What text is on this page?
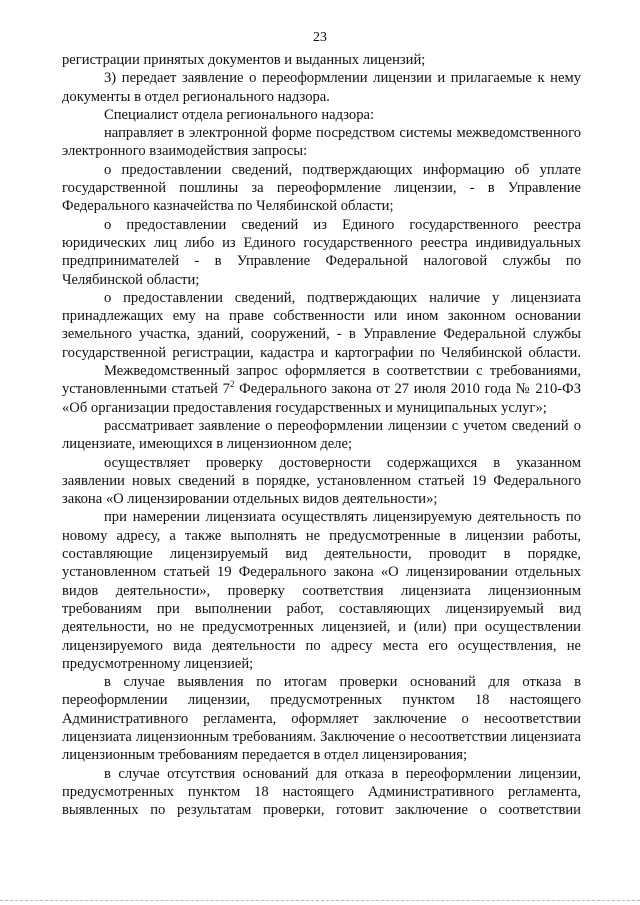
23

регистрации принятых документов и выданных лицензий;

3) передает заявление о переоформлении лицензии и прилагаемые к нему документы в отдел регионального надзора.

Специалист отдела регионального надзора:

направляет в электронной форме посредством системы межведомственного электронного взаимодействия запросы:

о предоставлении сведений, подтверждающих информацию об уплате государственной пошлины за переоформление лицензии, - в Управление Федерального казначейства по Челябинской области;

о предоставлении сведений из Единого государственного реестра юридических лиц либо из Единого государственного реестра индивидуальных предпринимателей - в Управление Федеральной налоговой службы по Челябинской области;

о предоставлении сведений, подтверждающих наличие у лицензиата принадлежащих ему на праве собственности или ином законном основании земельного участка, зданий, сооружений, - в Управление Федеральной службы государственной регистрации, кадастра и картографии по Челябинской области.

Межведомственный запрос оформляется в соответствии с требованиями, установленными статьей $7^2$ Федерального закона от 27 июля 2010 года № 210-ФЗ «Об организации предоставления государственных и муниципальных услуг»;

рассматривает заявление о переоформлении лицензии с учетом сведений о лицензиате, имеющихся в лицензионном деле;

осуществляет проверку достоверности содержащихся в указанном заявлении новых сведений в порядке, установленном статьей 19 Федерального закона «О лицензировании отдельных видов деятельности»;

при намерении лицензиата осуществлять лицензируемую деятельность по новому адресу, а также выполнять не предусмотренные в лицензии работы, составляющие лицензируемый вид деятельности, проводит в порядке, установленном статьей 19 Федерального закона «О лицензировании отдельных видов деятельности», проверку соответствия лицензиата лицензионным требованиям при выполнении работ, составляющих лицензируемый вид деятельности, но не предусмотренных лицензией, и (или) при осуществлении лицензируемого вида деятельности по адресу места его осуществления, не предусмотренному лицензией;

в случае выявления по итогам проверки оснований для отказа в переоформлении лицензии, предусмотренных пунктом 18 настоящего Административного регламента, оформляет заключение о несоответствии лицензиата лицензионным требованиям. Заключение о несоответствии лицензиата лицензионным требованиям передается в отдел лицензирования;

в случае отсутствия оснований для отказа в переоформлении лицензии, предусмотренных пунктом 18 настоящего Административного регламента, выявленных по результатам проверки, готовит заключение о соответствии
